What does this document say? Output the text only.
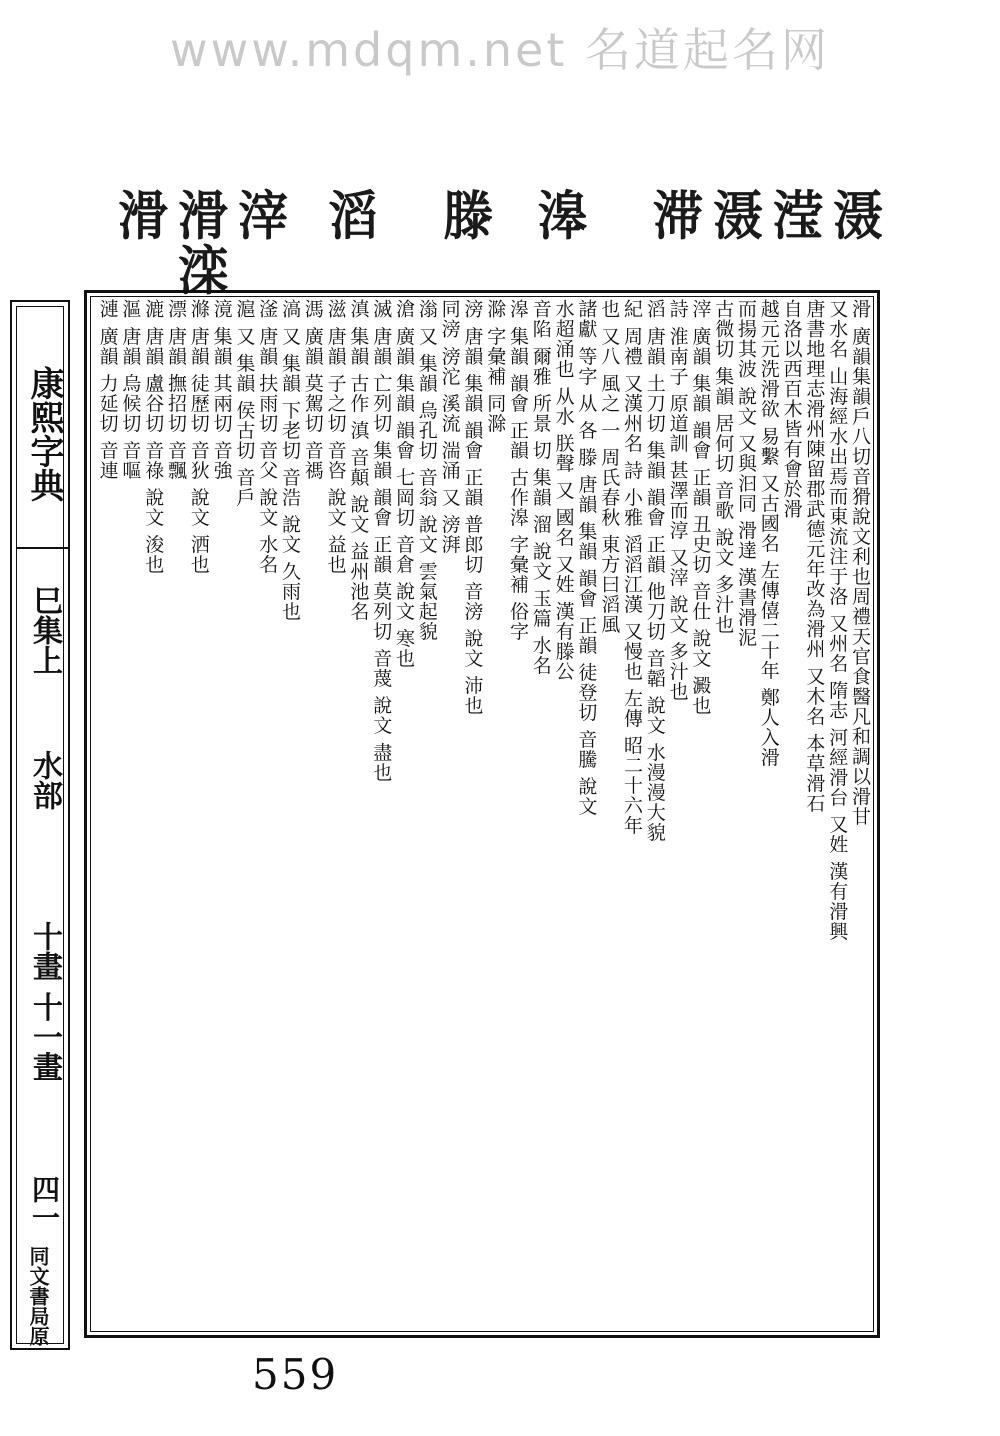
www.mdqm.net 名道起名网
滑 滑 滓 滔 滕 滜 滞 滠 滢 滠
滦
康熙字典
巳集上
水部
十畫 十一畫
四一
同文書局原
滑 廣韻集韻戶八切音猾說文利也周禮天官食醫凡和調以滑甘
又水名 山海經水出焉而東流注于洛 又州名 隋志 河經滑台 又姓 漢有滑興
唐書地理志滑州陳留郡武德元年改為滑州 又木名 本草滑石
自洛以西百木皆有會於滑
越元元洗滑欲 易繫 又古國名 左傳僖二十年 鄭人入滑
而揚其波 說文 又與汩同 滑達 漢書滑泥
古微切 集韻 居何切 音歌 說文 多汁也
滓 廣韻 集韻 韻會 正韻 丑史切 音仕 說文 澱也
詩 淮南子 原道訓 甚澤而淳 又滓 說文 多汁也
滔 唐韻 土刀切 集韻 韻會 正韻 他刀切 音韜 說文 水漫漫大貌
紀 周禮 又漢州名 詩 小雅 滔滔江漢 又慢也 左傳 昭二十六年
也 又八 風之 一 周氏春秋 東方曰滔風
諸獻 等字 从 各 滕 唐韻 集韻 韻會 正韻 徒登切 音騰 說文
水超涌也 从水 朕聲 又 國名 又姓 漢有滕公
音陷 爾雅 所景 切 集韻 溜 說文 玉篇 水名
滜 集韻 韻會 正韻 古作滜 字彙補 俗字
滁 字彙補 同滁
滂 唐韻 集韻 韻會 正韻 普郎切 音滂 說文 沛也
同滂 滂沱 溪流 湍涌 又 滂湃
滃 又 集韻 烏孔切 音翁 說文 雲氣起貌
滄 廣韻 集韻 韻會 七岡切 音倉 說文 寒也
滅 唐韻 亡列切 集韻 韻會 正韻 莫列切 音蔑 說文 盡也
滇 集韻 古作 滇 音顛 說文 益州池名
滋 唐韻 子之切 音咨 說文 益也
溤 廣韻 莫駕切 音禡
滈 又 集韻 下老切 音浩 說文 久雨也
滏 唐韻 扶雨切 音父 說文 水名
滬 又 集韻 侯古切 音戶
滰 集韻 其兩切 音強
滌 唐韻 徒歷切 音狄 說文 洒也
漂 唐韻 撫招切 音飄
漉 唐韻 盧谷切 音祿 說文 浚也
漚 唐韻 烏候切 音嘔
漣 廣韻 力延切 音連
559
